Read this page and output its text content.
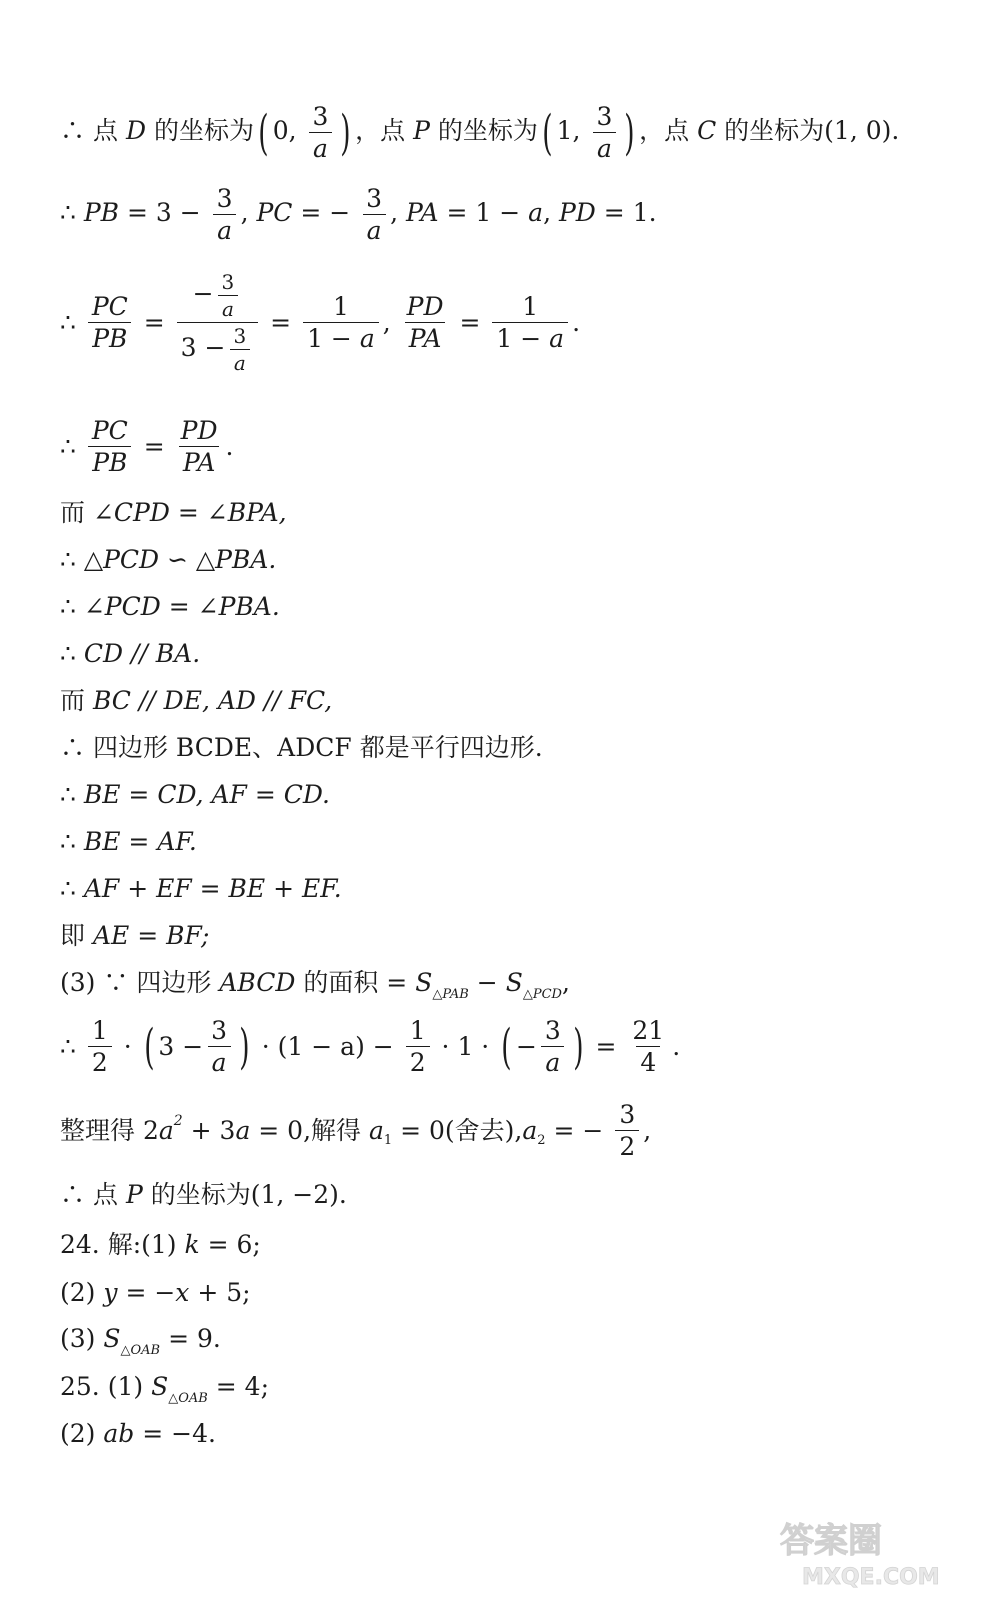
∴ 点 D 的坐标为( 0, $\frac{3}{a}$ ) ，点 P 的坐标为( 1, $\frac{3}{a}$ ) ，点 C 的坐标为(1, 0).
∴ PB = $3 - \frac{3}{a}$ , PC = − $\frac{3}{a}$ , PA = 1 − a, PD = 1.
∴ $\frac{PC}{PB} = \frac{- \frac{3}{a}}{3 - \frac{3}{a}} = \frac{1}{1 - a}$ , $\frac{PD}{PA} = \frac{1}{1 - a}$ .
∴ $\frac{PC}{PB} = \frac{PD}{PA}$ .
而 ∠CPD = ∠BPA,
∴ △PCD ∽ △PBA.
∴ ∠PCD = ∠PBA.
∴ CD // BA.
而 BC // DE, AD // FC,
∴ 四边形 BCDE、ADCF 都是平行四边形.
∴ BE = CD, AF = CD.
∴ BE = AF.
∴ AF + EF = BE + EF.
即 AE = BF;
(3) ∵ 四边形 ABCD 的面积 = $S_{\triangle PAB} - S_{\triangle PCD}$,
∴ $\frac{1}{2}$ · ( $3 - \frac{3}{a}$ ) · $(1 - a) - \frac{1}{2} \cdot 1$ · ( − $\frac{3}{a}$ ) = $\frac{21}{4}$ .
整理得 $2a^2 + 3a = 0$,解得 $a_1 = 0$(舍去)$,a_2$ = − $\frac{3}{2}$ ,
∴ 点 P 的坐标为(1, −2).
24. 解:(1) k = 6;
(2) y = −x + 5;
(3) $S_{\triangle OAB} = 9$.
25. (1) $S_{\triangle OAB} = 4$;
(2) ab = −4.
答案圈
MXQE.COM
